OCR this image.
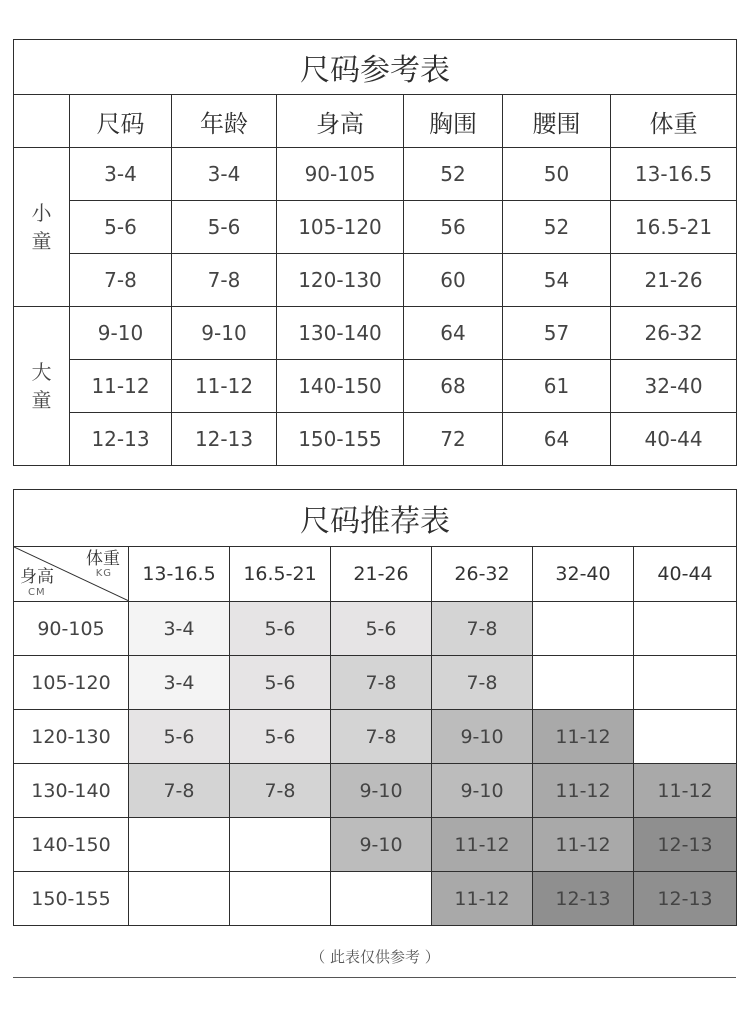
尺码参考表						
	尺码	年龄	身高	胸围	腰围	体重

小
童	3-4	3-4	90-105	52	50	13-16.5
	5-6	5-6	105-120	56	52	16.5-21
	7-8	7-8	120-130	60	54	21-26

大
童	9-10	9-10	130-140	64	57	26-32
	11-12	11-12	140-150	68	61	32-40
	12-13	12-13	150-155	72	64	40-44
尺码推荐表						

体重
KG
身高
CM	13-16.5	16.5-21	21-26	26-32	32-40	40-44
90-105	3-4	5-6	5-6	7-8		
105-120	3-4	5-6	7-8	7-8		
120-130	5-6	5-6	7-8	9-10	11-12	
130-140	7-8	7-8	9-10	9-10	11-12	11-12
140-150			9-10	11-12	11-12	12-13
150-155				11-12	12-13	12-13
（ 此表仅供参考 ）
